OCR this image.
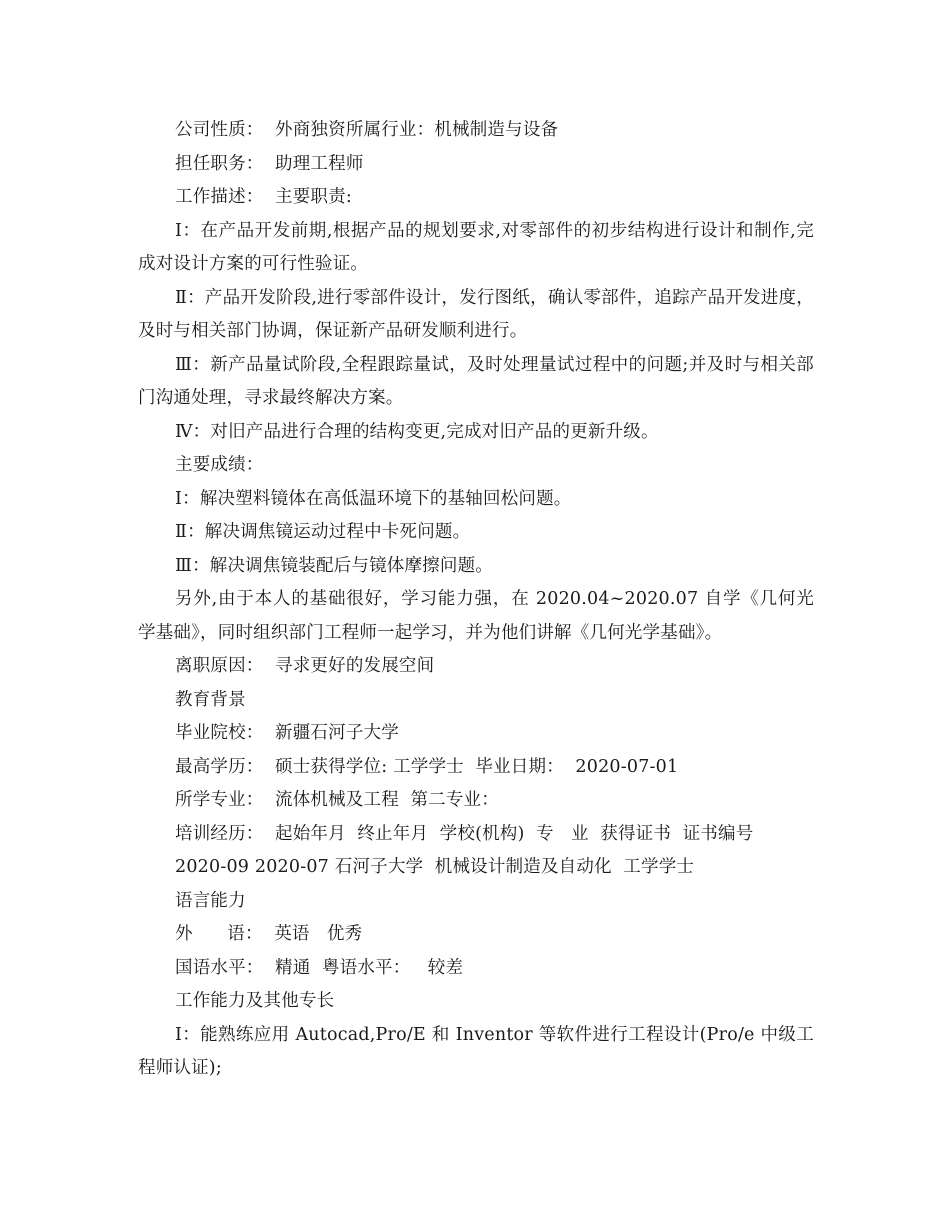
公司性质：  外商独资所属行业：机械制造与设备

担任职务：  助理工程师

工作描述：  主要职责:

Ⅰ：在产品开发前期,根据产品的规划要求,对零部件的初步结构进行设计和制作,完成对设计方案的可行性验证。

Ⅱ：产品开发阶段,进行零部件设计，发行图纸，确认零部件，追踪产品开发进度，及时与相关部门协调，保证新产品研发顺利进行。

Ⅲ：新产品量试阶段,全程跟踪量试，及时处理量试过程中的问题;并及时与相关部门沟通处理，寻求最终解决方案。

Ⅳ：对旧产品进行合理的结构变更,完成对旧产品的更新升级。

主要成绩：

Ⅰ：解决塑料镜体在高低温环境下的基轴回松问题。

Ⅱ：解决调焦镜运动过程中卡死问题。

Ⅲ：解决调焦镜装配后与镜体摩擦问题。

另外,由于本人的基础很好，学习能力强，在 2020.04~2020.07 自学《几何光学基础》，同时组织部门工程师一起学习，并为他们讲解《几何光学基础》。

离职原因：  寻求更好的发展空间

教育背景

毕业院校：  新疆石河子大学

最高学历：  硕士获得学位: 工学学士  毕业日期：  2020-07-01

所学专业：  流体机械及工程  第二专业：

培训经历：  起始年月  终止年月  学校(机构)  专   业  获得证书  证书编号

2020-09 2020-07 石河子大学  机械设计制造及自动化  工学学士

语言能力

外      语：  英语   优秀

国语水平：  精通  粤语水平：   较差

工作能力及其他专长

Ⅰ：能熟练应用 Autocad,Pro/E 和 Inventor 等软件进行工程设计(Pro/e 中级工程师认证);
